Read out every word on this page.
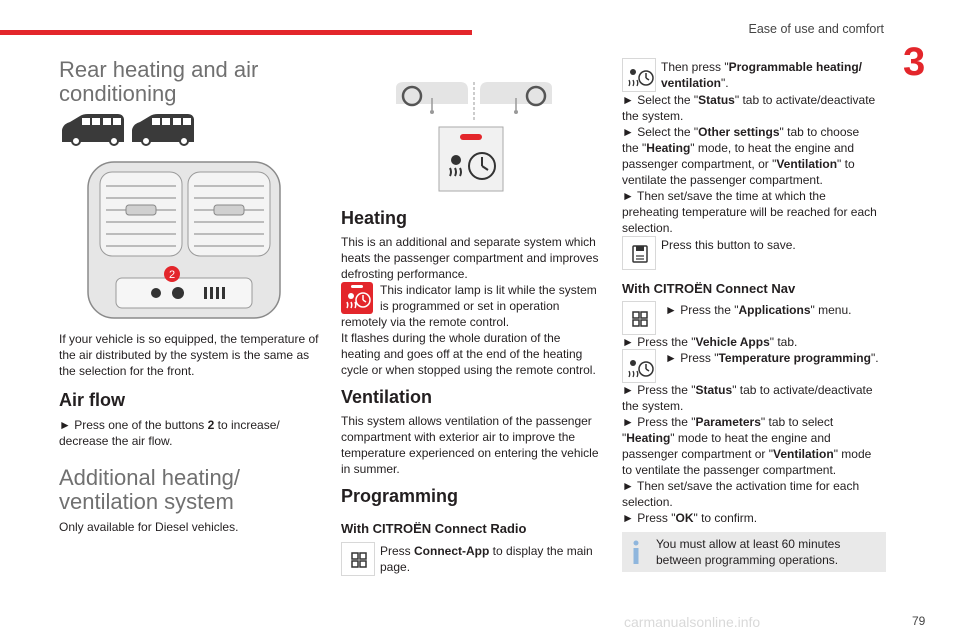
Ease of use and comfort
3
79
carmanualsonline.info
Rear heating and air conditioning
2
If your vehicle is so equipped, the temperature of
the air distributed by the system is the same as
the selection for the front.
Air flow
► Press one of the buttons 2 to increase/
decrease the air flow.
Additional heating/
ventilation system
Only available for Diesel vehicles.
Heating
This is an additional and separate system which
heats the passenger compartment and improves
defrosting performance.
This indicator lamp is lit while the system
is programmed or set in operation
remotely via the remote control.
It flashes during the whole duration of the
heating and goes off at the end of the heating
cycle or when stopped using the remote control.
Ventilation
This system allows ventilation of the passenger
compartment with exterior air to improve the
temperature experienced on entering the vehicle
in summer.
Programming
With CITROËN Connect Radio
Press Connect-App to display the main
page.
Then press "Programmable heating/
ventilation".
► Select the "Status" tab to activate/deactivate
the system.
► Select the "Other settings" tab to choose
the "Heating" mode, to heat the engine and
passenger compartment, or "Ventilation" to
ventilate the passenger compartment.
► Then set/save the time at which the
preheating temperature will be reached for each
selection.
Press this button to save.
With CITROËN Connect Nav
► Press the "Applications" menu.
► Press the "Vehicle Apps" tab.
► Press "Temperature programming".
► Press the "Status" tab to activate/deactivate
the system.
► Press the "Parameters" tab to select
"Heating" mode to heat the engine and
passenger compartment or "Ventilation" mode
to ventilate the passenger compartment.
► Then set/save the activation time for each
selection.
► Press "OK" to confirm.
You must allow at least 60 minutes
between programming operations.
